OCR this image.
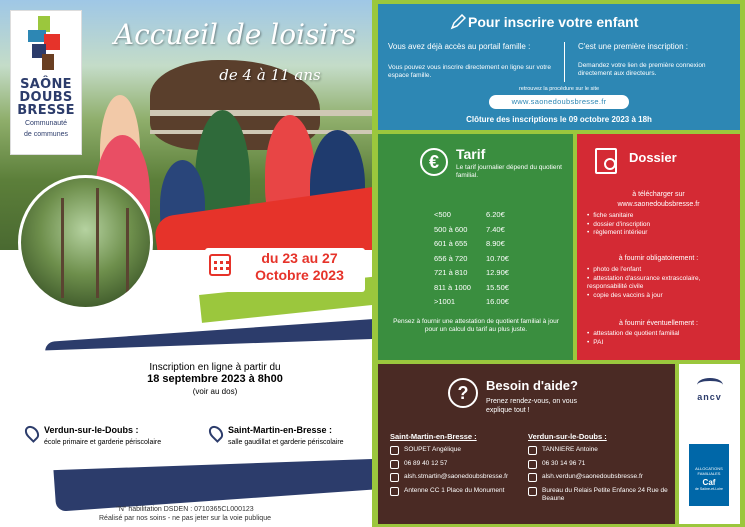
SAÔNE
DOUBS
BRESSE
Communauté
de communes
Accueil de loisirs
de 4 à 11 ans
du 23 au 27
Octobre 2023
Inscription en ligne à partir du
18 septembre 2023 à 8h00
(voir au dos)
Verdun-sur-le-Doubs :
école primaire et garderie périscolaire
Saint-Martin-en-Bresse :
salle gaudillat et garderie périscolaire
"N" habilitation DSDEN : 0710365CL000123
Réalisé par nos soins - ne pas jeter sur la voie publique
Pour inscrire votre enfant
Vous avez déjà accès au portail famille :
Vous pouvez vous inscrire directement en ligne sur votre espace famille.
C'est une première inscription :
Demandez votre lien de première connexion directement aux directeurs.
retrouvez la procédure sur le site
www.saonedoubsbresse.fr
Clôture des inscriptions le 09 octobre 2023 à 18h
€	Tarif
Le tarif journalier dépend du quotient familial.
<500	6.20€
500 à 600	7.40€
601 à 655	8.90€
656 à 720	10.70€
721 à 810	12.90€
811 à 1000	15.50€
>1001	16.00€
Pensez à fournir une attestation de quotient familial à jour pour un calcul du tarif au plus juste.
Dossier
à télécharger sur
www.saonedoubsbresse.fr
• fiche sanitaire
• dossier d'inscription
• règlement intérieur
à fournir obligatoirement :
• photo de l'enfant
• attestation d'assurance extrascolaire, responsabilité civile
• copie des vaccins à jour
à fournir éventuellement :
• attestation de quotient familial
• PAI
?	Besoin d'aide?
Prenez rendez-vous, on vous explique tout !
Saint-Martin-en-Bresse :
SOUPET Angélique
06 89 40 12 57
alsh.stmartin@saonedoubsbresse.fr
Antenne CC 1 Place du Monument
Verdun-sur-le-Doubs :
TANNIERE Antoine
06 30 14 96 71
alsh.verdun@saonedoubsbresse.fr
Bureau du Relais Petite Enfance 24 Rue de Beaune
ancv
ALLOCATIONS FAMILIALES
Caf
de Saône-et-Loire
